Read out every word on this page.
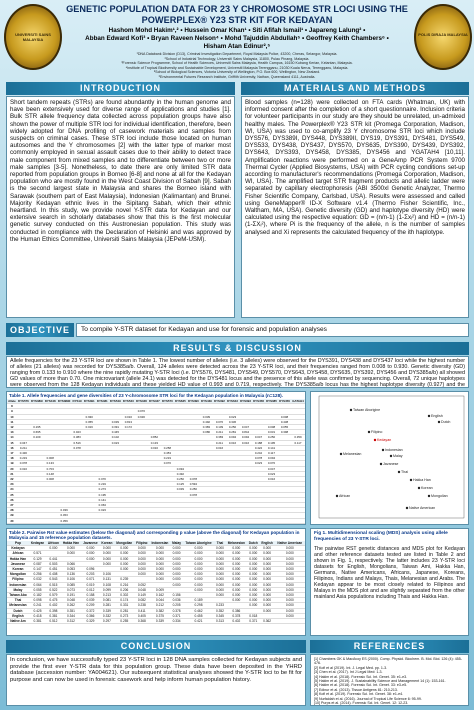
UNIVERSITI SAINS MALAYSIA
POLIS DIRAJA MALAYSIA
GENETIC POPULATION DATA FOR 23 Y CHROMOSOME STR LOCI USING THE
POWERPLEX® Y23 STR KIT FOR KEDAYAN
Hashom Mohd Hakim¹,² • Hussein Omar Khan¹ • Siti Afifah Ismail¹ • Japareng Lalung² •
Abban Edward Kofi³ • Bryan Raveen Nelson⁴ • Mohd Tajuddin Abdullah⁵ • Geoffrey Keith Chambers⁶ •
Hisham Atan Edinur²,⁵
¹DNA Databank Division (D13), Criminal Investigation Department, Royal Malaysia Police, 43200, Cheras, Selangor, Malaysia.
²School of Industrial Technology, Universiti Sains Malaysia, 11800, Pulau Pinang, Malaysia.
³Forensic Science Programme, School of Health Sciences, Universiti Sains Malaysia, Health Campus, 16150 Kubang Kerian, Kelantan, Malaysia.
⁴Institute of Tropical Biodiversity and Sustainable Development, Universiti Malaysia Terengganu, 21030 Kuala Nerus, Terengganu, Malaysia.
⁵School of Biological Sciences, Victoria University of Wellington, P.O. Box 600, Wellington, New Zealand.
⁶Environmental Futures Research Institute, Griffith University, Nathan, Queensland 4111, Australia.
INTRODUCTION
Short tandem repeats (STRs) are found abundantly in the human genome and have been extensively used for diverse range of applications and studies [1]. Bulk STR allele frequency data collected across population groups have also shown the power of multiple STR loci for individual identification, therefore, been widely adopted for DNA profiling of casework materials and samples from suspects on criminal cases. These STR loci include those located on human autosomes and the Y chromosomes [2] with the latter type of marker most commonly employed in sexual assault cases due to their ability to detect trace male component from mixed samples and to differentiate between two or more male samples [3-5]. Nonetheless, to date there are only limited STR data reported from population groups in Borneo [6-8] and none at all for the Kedayan population who are mostly found in the West Coast Division of Sabah [9]. Sabah is the second largest state in Malaysia and shares the Borneo island with Sarawak (southern part of East Malaysia), Indonesian (Kalimantan) and Brunei. Majority Kedayan ethnic lives in the Sipitang Sabah, which their ethnic heartland. In this study, we provide novel Y-STR data for Kedayan and our extensive search in scholarly databases show that this is the first molecular genetic survey conducted on this Austronesian population. This study was conducted in compliance with the Declaration of Helsinki and was approved by the Human Ethics Committee, Universiti Sains Malaysia (JEPeM-USM).
MATERIALS AND METHODS
Blood samples (n=128) were collected on FTA cards (Whatman, UK) with informed consent after the completion of a short questionnaire. Inclusion criteria for volunteer participants in our study are they should be unrelated, un-admixed healthy males. The Powerplex® Y23 STR kit (Promega Corporation, Madison, WI, USA) was used to co-amplify 23 Y chromosome STR loci which include DYS576, DYS389I, DYS448, DYS389II, DYS19, DYS391, DYS481, DYS549, DYS533, DYS438, DYS437, DYS570, DYS635, DYS390, DYS439, DYS392, DYS643, DYS393, DYS458, DYS385, DYS456 and YGATAH4 [10,11]. Amplification reactions were performed on a GeneAmp PCR System 9700 Thermal Cycler (Applied Biosystems, USA) with PCR cycling conditions set-up according to manufacturer's recommendations (Promega Corporation, Madison, WI, USA). The amplified target STR fragment products and allelic ladder were separated by capillary electrophoresis (ABI 3500xl Genetic Analyzer, Thermo Fisher Scientific Company, Carlsbad, USA). Results were assessed and called using GeneMapper® ID-X Software v1.4 (Thermo Fisher Scientific, Inc., Waltham, MA, USA). Genetic diversity (GD) and haplotype diversity (HD) were calculated using the respective equation: GD = (n/n-1) (1-Σxᵢ²) and HD = (n/n-1) (1-ΣXᵢ²), where Pi is the frequency of the allele, n is the number of samples analysed and Xi represents the calculated frequency of the ith haplotype.
OBJECTIVE	To compile Y-STR dataset for Kedayan and use for forensic and population analyses
RESULTS & DISCUSSION
Allele frequencies for the 23 Y-STR loci are shown in Table 1. The lowest number of alleles (i.e. 3 alleles) were observed for the DYS391, DYS438 and DYS437 loci while the highest number of alleles (21 alleles) was recorded for DYS385a/b. Overall, 124 alleles were detected across the 23 Y-STR loci, and their frequencies ranged from 0.008 to 0.930. Genetic diversity (GD) ranging from 0.133 to 0.910 where the nine rapidly mutating Y-STR loci (i.e. DYS576, DYS481, DYS549, DYS570, DYS643, DYS458, DYS635, DYS392, DYS456 and DYS385a/b) all showed GD values of more than 0.70. One microvariant (allele 24.1) was detected for the DYS481 locus and the presence of this allele was confirmed by sequencing. Overall, 72 unique haplotypes were observed from the 128 Kedayan individuals and these yielded HD value of 0.993 and 0.719, respectively. The DYS385a/b locus has the highest haplotype diversity (0.927) and the
Table 1. Allele frequencies and gene diversities of 23 Y-chromosome STR loci for the Kedayan population in Malaysia (n=128).
Allele	DYS576	DYS389I	DYS448	DYS389II	DYS19	DYS391	DYS481	DYS549	DYS533	DYS438	DYS437	DYS570	DYS635	DYS390	DYS439	DYS392	DYS643	DYS393	DYS458	DYS385	DYS456	GATAH4
8																						
9										0.070												
10						0.930			0.016	0.930					0.039		0.023				0.008	
11						0.055		0.039	0.813						0.492	0.070	0.336				0.438	
12		0.195				0.016		0.391	0.172						0.383	0.109	0.250	0.047		0.008	0.055	
13		0.695			0.023			0.445							0.086	0.211	0.281	0.844		0.031	0.398	
14		0.109			0.383			0.102			0.852					0.383	0.094	0.094	0.047	0.250		0.359
15	0.047				0.516			0.023			0.133					0.211	0.016	0.016	0.188	0.195		0.117
16	0.211				0.078						0.016	0.258				0.016			0.422	0.141		
17	0.430											0.453							0.242	0.117		
18	0.219		0.008									0.219							0.078	0.094		
19	0.078		0.133									0.070							0.023	0.070		
20	0.016		0.703										0.094							0.047		
21			0.148										0.492							0.023		
22			0.008				0.070						0.250	0.078						0.016		
23							0.219						0.125	0.594								
24							0.273						0.039	0.250								
25							0.195							0.078								
26							0.141															
27							0.063															
28				0.039			0.023															
29				0.453																		
30				0.359																		

Taiwan Aborigine
Filipino
Kedayan
Melanesian
Indonesian
Malay
Javanese
Thai
Hakka Han
Korean
Mongolian
African
English
Dutch
Native American
Table 2. Pairwise Rst value estimates (below the diagonal) and corresponding p value (above the diagonal) for Kedayan population in Malaysia and 15 reference population datasets.
Pop	Kedayan	African	Hakka Han	Javanese	Korean	Mongolian	Filipino	Indonesian	Malay	Taiwan Aborigine	Thai	Melanesian	Dutch	English	Native American
Kedayan		0.000	0.000	0.000	0.000	0.000	0.000	0.000	0.000	0.000	0.000	0.000	0.000	0.000	0.000
African	0.571		0.000	0.000	0.000	0.000	0.000	0.000	0.000	0.000	0.000	0.000	0.000	0.000	0.000
Hakka Han	0.129	0.441		0.000	0.000	0.000	0.000	0.000	0.000	0.000	0.000	0.000	0.000	0.000	0.000
Javanese	0.087	0.503	0.066		0.000	0.000	0.000	0.000	0.000	0.000	0.000	0.000	0.000	0.000	0.000
Korean	0.147	0.451	0.053	0.096		0.000	0.000	0.000	0.000	0.000	0.000	0.000	0.000	0.000	0.000
Mongolian	0.256	0.408	0.136	0.203	0.106		0.000	0.000	0.000	0.000	0.000	0.000	0.000	0.000	0.000
Filipino	0.032	0.543	0.106	0.071	0.131	0.239		0.000	0.000	0.000	0.000	0.000	0.000	0.000	0.000
Indonesian	0.064	0.515	0.085	0.019	0.108	0.216	0.052		0.000	0.000	0.000	0.000	0.000	0.000	0.000
Malay	0.055	0.522	0.073	0.012	0.099	0.206	0.048	0.009		0.000	0.000	0.000	0.000	0.000	0.000
Taiwan Abo	0.182	0.579	0.191	0.158	0.213	0.302	0.149	0.162	0.156		0.000	0.000	0.000	0.000	0.000
Thai	0.098	0.475	0.048	0.039	0.081	0.174	0.082	0.044	0.036	0.189		0.000	0.000	0.000	0.000
Melanesian	0.241	0.402	0.262	0.209	0.281	0.331	0.238	0.212	0.205	0.298	0.233		0.000	0.000	0.000
Dutch	0.425	0.398	0.351	0.372	0.339	0.281	0.411	0.382	0.378	0.462	0.352	0.386		0.000	0.000
English	0.418	0.381	0.344	0.366	0.332	0.273	0.405	0.375	0.371	0.455	0.345	0.378	0.018		0.000
Native Am	0.381	0.512	0.312	0.329	0.297	0.255	0.368	0.339	0.334	0.421	0.313	0.402	0.371	0.362	
Fig 1. Multidimensional scaling (MDS) analysis using allele frequencies of 23 Y-STR loci.
The pairwise RST genetic distances and MDS plot for Kedayan and other reference datasets tested are listed in Table 2 and shown in Fig. 1, respectively. The latter includes 23 Y-STR loci datasets for English, Mongolians, Taiwan Ami, Hakka Han, Germans, Native Americans, Africans, Japanese, Koreans, Filipinos, Indians and Malays, Thais, Melanesian and Arabs. The Kedayan appear to be most closely related to Filipinos and Malays in the MDS plot and are slightly separated from the other mainland Asia populations including Thais and Hakka Han.
CONCLUSION
In conclusion, we have successfully typed 23 Y-STR loci in 128 DNA samples collected for Kedayan subjects and provide the first ever Y-STR data for this population group. These data have been deposited in the YHRD database (accession number: YA004621). Our subsequent statistical analyses showed the Y-STR loci to be fit for purpose and can now be used in forensic casework and help inform human population history.
REFERENCES
[1] Chambers GK & MacAvoy ES (2000). Comp. Physiol. Biochem. B. Mol. Biol. 126 (4): 455-476.
[2] Kofi et al (2019). Int. J. Legal Med. pp. 1-3.
[3] Chen et al. (2017). Int J Legal Med: 1-3.
[4] Hakim et al. (2018). Forensic Sci. Int. Genet. 35: e1-e3.
[5] Hakim et al. (2019). J. Sustainability Science and Management 14 (1): 153-161.
[6] Hakim et al. (2018). Forensic Sci. Int. Genet. 33: e3-e5.
[7] Edinur et al. (2013). Tissue Antigens 81: 210-213.
[8] Kofi et al. (2019). Forensic Sci. Int. Genet. 38: e1-e4.
[9] Nurfaidah et al. (2016). Journal of Tropical Life Science 6: 95-99.
[10] Purps et al. (2014). Forensic Sci. Int. Genet. 12: 12-23.
